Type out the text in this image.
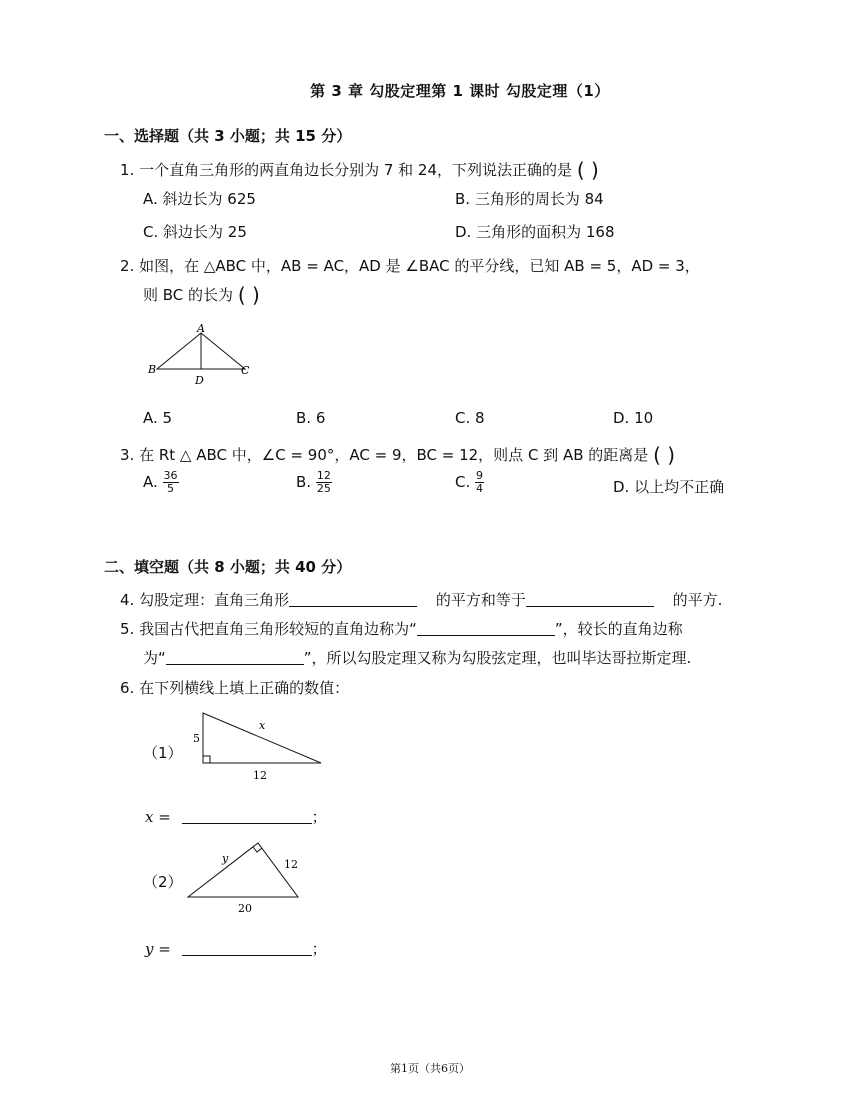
第 3 章 勾股定理第 1 课时 勾股定理（1）
一、选择题（共 3 小题；共 15 分）
1. 一个直角三角形的两直角边长分别为 7 和 24，下列说法正确的是 ( )
A. 斜边长为 625	B. 三角形的周长为 84
C. 斜边长为 25	D. 三角形的面积为 168
2. 如图，在 △ABC 中，AB = AC，AD 是 ∠BAC 的平分线，已知 AB = 5，AD = 3，
则 BC 的长为 ( )
A
B	C
D
A. 5	B. 6	C. 8	D. 10
3. 在 Rt △ ABC 中，∠C = 90°，AC = 9，BC = 12，则点 C 到 AB 的距离是 ( )
A. $\frac{36}{5}$	B. $\frac{12}{25}$	C. $\frac{9}{4}$	D. 以上均不正确
二、填空题（共 8 小题；共 40 分）
4. 勾股定理：直角三角形	的平方和等于	的平方.
5. 我国古代把直角三角形较短的直角边称为“	”，较长的直角边称
为“	”，所以勾股定理又称为勾股弦定理，也叫毕达哥拉斯定理.
6. 在下列横线上填上正确的数值：
（1）
x
5
12
x =	；
（2）
y	12
20
y =	；
第1页（共6页）
